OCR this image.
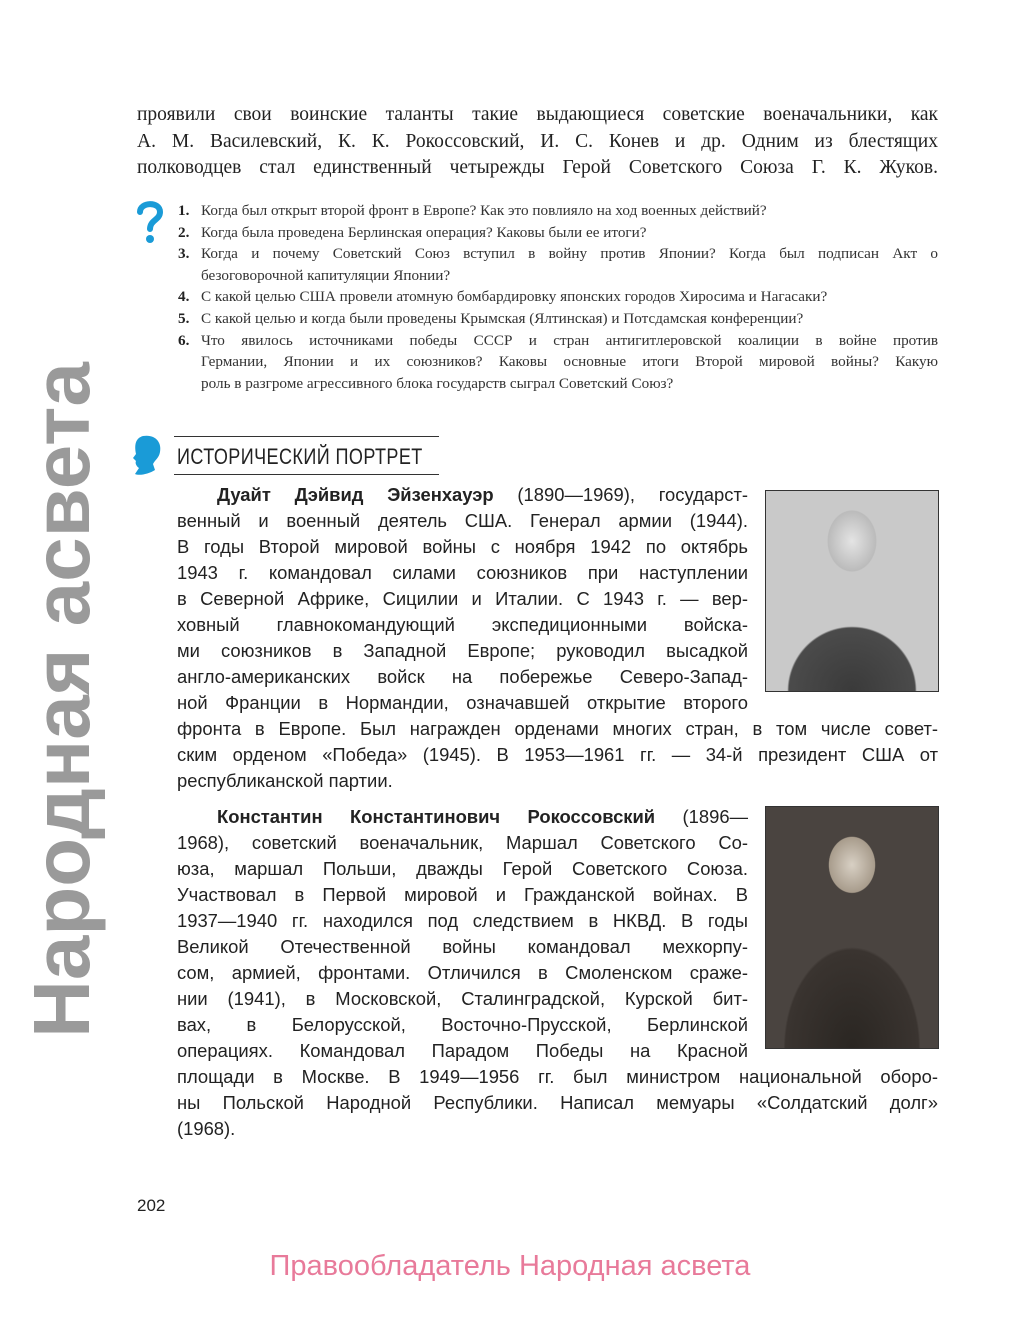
проявили свои воинские таланты такие выдающиеся советские военачальники, как
А. М. Василевский, К. К. Рокоссовский, И. С. Конев и др. Одним из блестящих
полководцев стал единственный четырежды Герой Советского Союза Г. К. Жуков.
1. Когда был открыт второй фронт в Европе? Как это повлияло на ход военных действий?
2. Когда была проведена Берлинская операция? Каковы были ее итоги?
3. Когда и почему Советский Союз вступил в войну против Японии? Когда был подписан Акт о
безоговорочной капитуляции Японии?
4. С какой целью США провели атомную бомбардировку японских городов Хиросима и Нагасаки?
5. С какой целью и когда были проведены Крымская (Ялтинская) и Потсдамская конференции?
6. Что явилось источниками победы СССР и стран антигитлеровской коалиции в войне против
Германии, Японии и их союзников? Каковы основные итоги Второй мировой войны? Какую
роль в разгроме агрессивного блока государств сыграл Советский Союз?
ИСТОРИЧЕСКИЙ ПОРТРЕТ
Дуайт Дэйвид Эйзенхауэр (1890—1969), государст-
венный и военный деятель США. Генерал армии (1944).
В годы Второй мировой войны с ноября 1942 по октябрь
1943 г. командовал силами союзников при наступлении
в Северной Африке, Сицилии и Италии. С 1943 г. — вер-
ховный главнокомандующий экспедиционными войска-
ми союзников в Западной Европе; руководил высадкой
англо-американских войск на побережье Северо-Запад-
ной Франции в Нормандии, означавшей открытие второго
фронта в Европе. Был награжден орденами многих стран, в том числе совет-
ским орденом «Победа» (1945). В 1953—1961 гг. — 34-й президент США от
республиканской партии.
Константин Константинович Рокоссовский (1896—
1968), советский военачальник, Маршал Советского Со-
юза, маршал Польши, дважды Герой Советского Союза.
Участвовал в Первой мировой и Гражданской войнах. В
1937—1940 гг. находился под следствием в НКВД. В годы
Великой Отечественной войны командовал мехкорпу-
сом, армией, фронтами. Отличился в Смоленском сраже-
нии (1941), в Московской, Сталинградской, Курской бит-
вах, в Белорусской, Восточно-Прусской, Берлинской
операциях. Командовал Парадом Победы на Красной
площади в Москве. В 1949—1956 гг. был министром национальной оборо-
ны Польской Народной Республики. Написал мемуары «Солдатский долг»
(1968).
202
Правообладатель Народная асвета
Народная асвета
